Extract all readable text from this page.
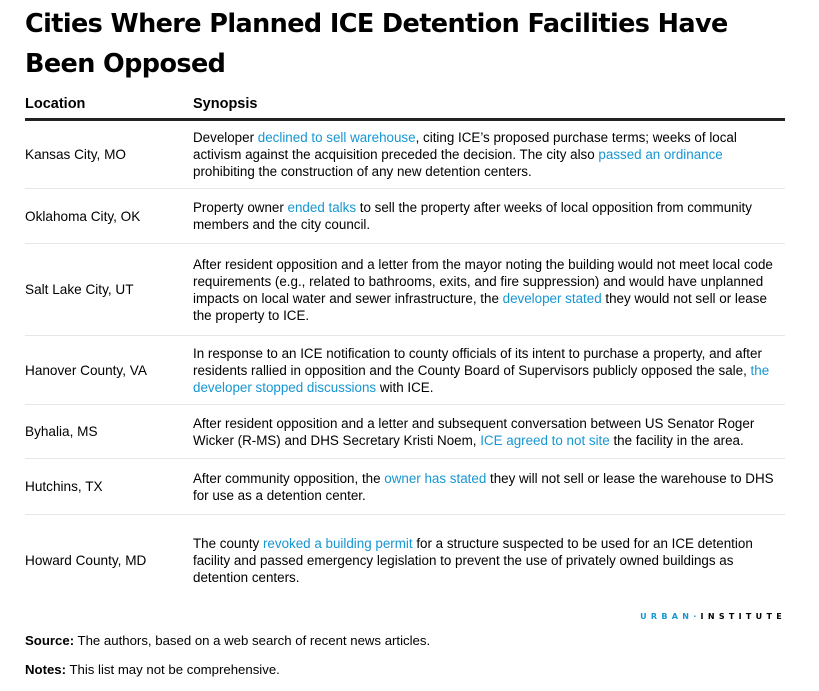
Cities Where Planned ICE Detention Facilities Have Been Opposed
Location	Synopsis
Kansas City, MO
Developer declined to sell warehouse, citing ICE’s proposed purchase terms; weeks of local activism against the acquisition preceded the decision. The city also passed an ordinance prohibiting the construction of any new detention centers.
Oklahoma City, OK
Property owner ended talks to sell the property after weeks of local opposition from community members and the city council.
Salt Lake City, UT
After resident opposition and a letter from the mayor noting the building would not meet local code requirements (e.g., related to bathrooms, exits, and fire suppression) and would have unplanned impacts on local water and sewer infrastructure, the developer stated they would not sell or lease the property to ICE.
Hanover County, VA
In response to an ICE notification to county officials of its intent to purchase a property, and after residents rallied in opposition and the County Board of Supervisors publicly opposed the sale, the developer stopped discussions with ICE.
Byhalia, MS
After resident opposition and a letter and subsequent conversation between US Senator Roger Wicker (R-MS) and DHS Secretary Kristi Noem, ICE agreed to not site the facility in the area.
Hutchins, TX
After community opposition, the owner has stated they will not sell or lease the warehouse to DHS for use as a detention center.
Howard County, MD
The county revoked a building permit for a structure suspected to be used for an ICE detention facility and passed emergency legislation to prevent the use of privately owned buildings as detention centers.
URBAN·INSTITUTE
Source: The authors, based on a web search of recent news articles.
Notes: This list may not be comprehensive.
